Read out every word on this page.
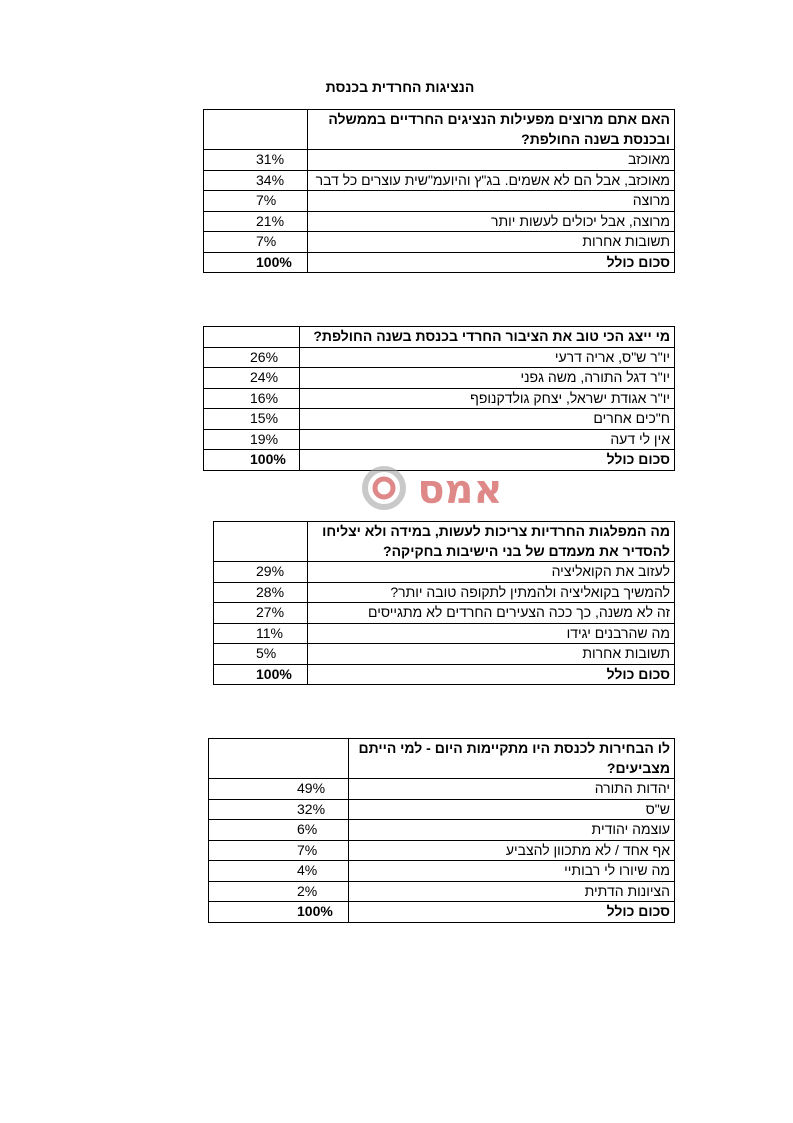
הנציגות החרדית בכנסת
האם אתם מרוצים מפעילות הנציגים החרדיים בממשלה ובכנסת בשנה החולפת?	
מאוכזב	31%
מאוכזב, אבל הם לא אשמים. בג"ץ והיועמ"שית עוצרים כל דבר	34%
מרוצה	7%
מרוצה, אבל יכולים לעשות יותר	21%
תשובות אחרות	7%
סכום כולל	100%
מי ייצג הכי טוב את הציבור החרדי בכנסת בשנה החולפת?	
יו"ר ש"ס, אריה דרעי	26%
יו"ר דגל התורה, משה גפני	24%
יו"ר אגודת ישראל, יצחק גולדקנופף	16%
ח"כים אחרים	15%
אין לי דעה	19%
סכום כולל	100%
אמס
מה המפלגות החרדיות צריכות לעשות, במידה ולא יצליחו להסדיר את מעמדם של בני הישיבות בחקיקה?	
לעזוב את הקואליציה	29%
להמשיך בקואליציה ולהמתין לתקופה טובה יותר?	28%
זה לא משנה, כך ככה הצעירים החרדים לא מתגייסים	27%
מה שהרבנים יגידו	11%
תשובות אחרות	5%
סכום כולל	100%
לו הבחירות לכנסת היו מתקיימות היום - למי הייתם מצביעים?	
יהדות התורה	49%
ש"ס	32%
עוצמה יהודית	6%
אף אחד / לא מתכוון להצביע	7%
מה שיורו לי רבותיי	4%
הציונות הדתית	2%
סכום כולל	100%
